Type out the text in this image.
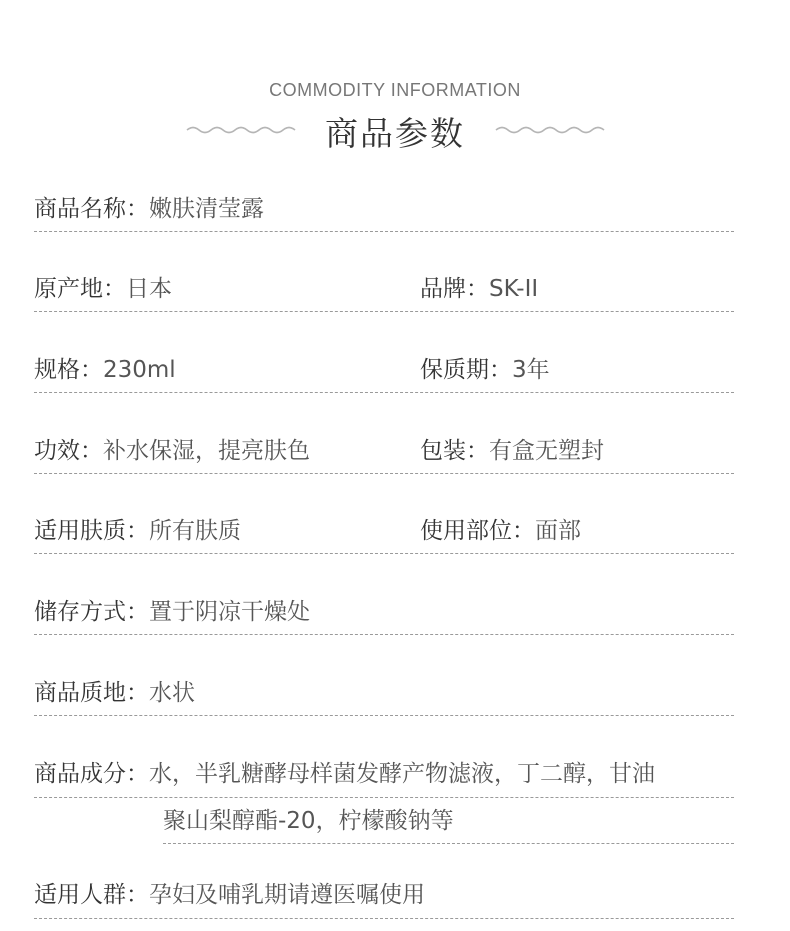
COMMODITY INFORMATION
商品参数
商品名称：嫩肤清莹露
原产地：日本	品牌：SK-II
规格：230ml	保质期：3年
功效：补水保湿，提亮肤色	包装：有盒无塑封
适用肤质：所有肤质	使用部位：面部
储存方式：置于阴凉干燥处
商品质地：水状
商品成分：水，半乳糖酵母样菌发酵产物滤液，丁二醇，甘油
聚山梨醇酯-20，柠檬酸钠等
适用人群：孕妇及哺乳期请遵医嘱使用
